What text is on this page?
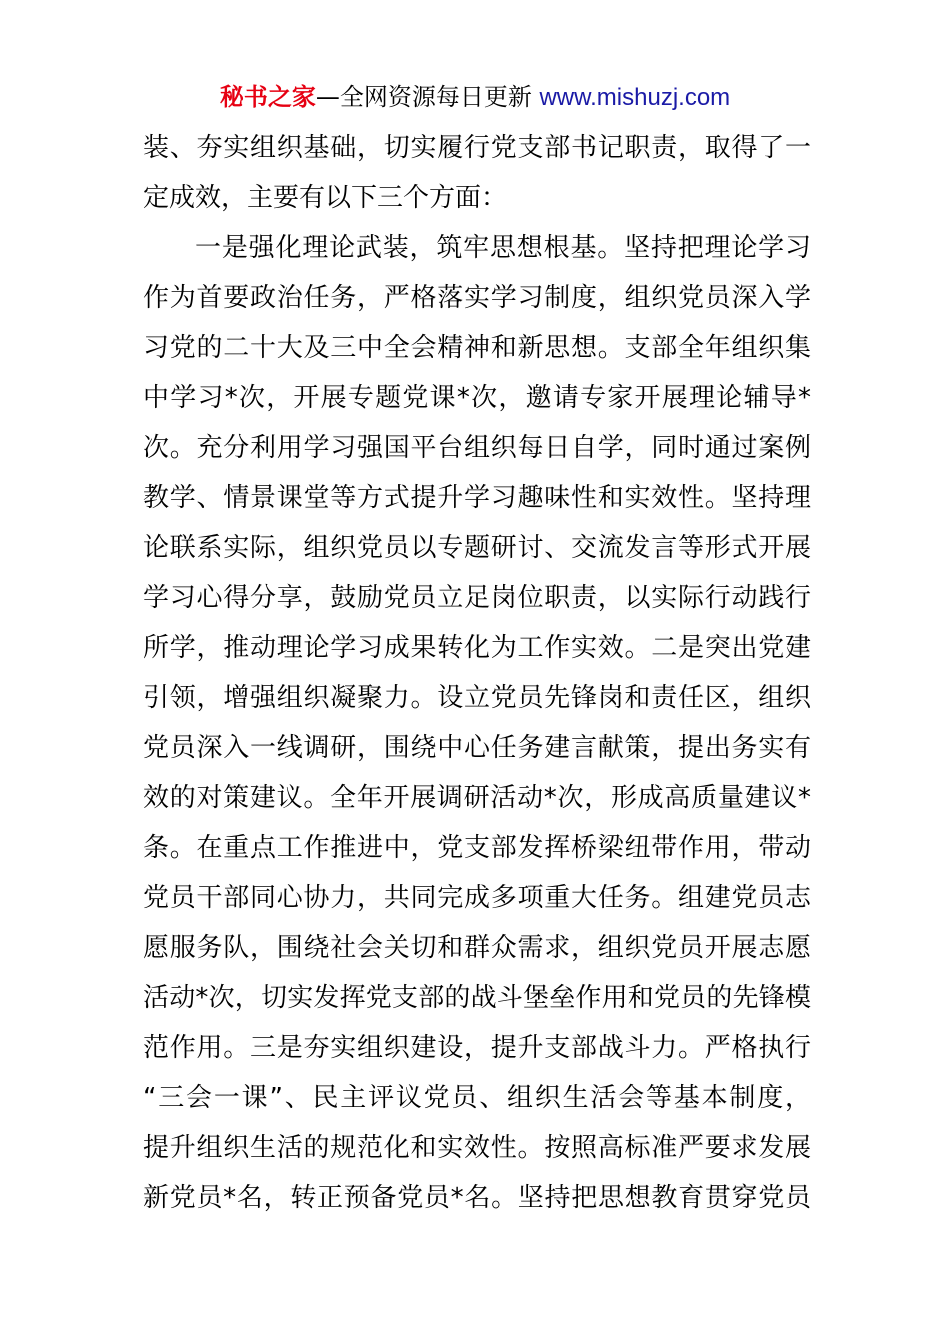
秘书之家—全网资源每日更新 www.mishuzj.com
装、夯实组织基础，切实履行党支部书记职责，取得了一
定成效，主要有以下三个方面：
一是强化理论武装，筑牢思想根基。坚持把理论学习
作为首要政治任务，严格落实学习制度，组织党员深入学
习党的二十大及三中全会精神和新思想。支部全年组织集
中学习*次，开展专题党课*次，邀请专家开展理论辅导*
次。充分利用学习强国平台组织每日自学，同时通过案例
教学、情景课堂等方式提升学习趣味性和实效性。坚持理
论联系实际，组织党员以专题研讨、交流发言等形式开展
学习心得分享，鼓励党员立足岗位职责，以实际行动践行
所学，推动理论学习成果转化为工作实效。二是突出党建
引领，增强组织凝聚力。设立党员先锋岗和责任区，组织
党员深入一线调研，围绕中心任务建言献策，提出务实有
效的对策建议。全年开展调研活动*次，形成高质量建议*
条。在重点工作推进中，党支部发挥桥梁纽带作用，带动
党员干部同心协力，共同完成多项重大任务。组建党员志
愿服务队，围绕社会关切和群众需求，组织党员开展志愿
活动*次，切实发挥党支部的战斗堡垒作用和党员的先锋模
范作用。三是夯实组织建设，提升支部战斗力。严格执行
“三会一课”、民主评议党员、组织生活会等基本制度，
提升组织生活的规范化和实效性。按照高标准严要求发展
新党员*名，转正预备党员*名。坚持把思想教育贯穿党员
